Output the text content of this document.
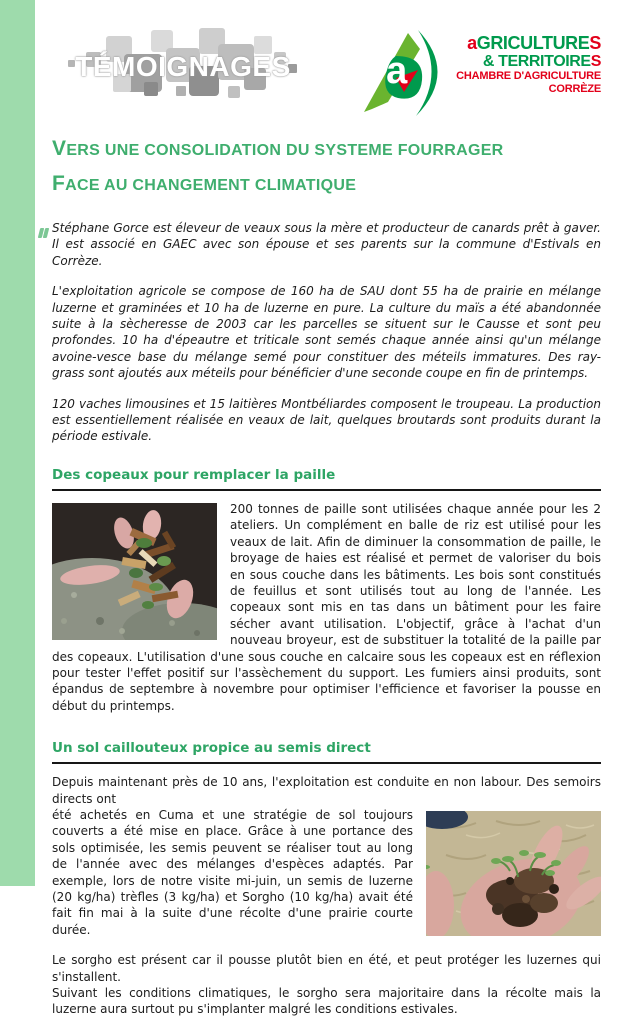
TÉMOIGNAGES	a
aGRICULTURES
& TERRITOIRES
CHAMBRE D'AGRICULTURE
CORRÈZE
VERS UNE CONSOLIDATION DU SYSTEME FOURRAGER
FACE AU CHANGEMENT CLIMATIQUE

Stéphane Gorce est éleveur de veaux sous la mère et producteur de canards prêt à gaver. Il est associé en GAEC avec son épouse et ses parents sur la commune d'Estivals en Corrèze.

L'exploitation agricole se compose de 160 ha de SAU dont 55 ha de prairie en mélange luzerne et graminées et 10 ha de luzerne en pure. La culture du maïs a été abandonnée suite à la sècheresse de 2003 car les parcelles se situent sur le Causse et sont peu profondes. 10 ha d'épeautre et triticale sont semés chaque année ainsi qu'un mélange avoine-vesce base du mélange semé pour constituer des méteils immatures. Des ray-grass sont ajoutés aux méteils pour bénéficier d'une seconde coupe en fin de printemps.

120 vaches limousines et 15 laitières Montbéliardes composent le troupeau. La production est essentiellement réalisée en veaux de lait, quelques broutards sont produits durant la période estivale.

Des copeaux pour remplacer la paille
200 tonnes de paille sont utilisées chaque année pour les 2 ateliers. Un complément en balle de riz est utilisé pour les veaux de lait. Afin de diminuer la consommation de paille, le broyage de haies est réalisé et permet de valoriser du bois en sous couche dans les bâtiments. Les bois sont constitués de feuillus et sont utilisés tout au long de l'année. Les copeaux sont mis en tas dans un bâtiment pour les faire sécher avant utilisation. L'objectif, grâce à l'achat d'un nouveau broyeur, est de substituer la totalité de la paille par des copeaux. L'utilisation d'une sous couche en calcaire sous les copeaux est en réflexion pour tester l'effet positif sur l'assèchement du support. Les fumiers ainsi produits, sont épandus de septembre à novembre pour optimiser l'efficience et favoriser la pousse en début du printemps.
Un sol caillouteux propice au semis direct
Depuis maintenant près de 10 ans, l'exploitation est conduite en non labour. Des semoirs directs ont
été achetés en Cuma et une stratégie de sol toujours couverts a été mise en place. Grâce à une portance des sols optimisée, les semis peuvent se réaliser tout au long de l'année avec des mélanges d'espèces adaptés. Par exemple, lors de notre visite mi-juin, un semis de luzerne (20 kg/ha) trèfles (3 kg/ha) et Sorgho (10 kg/ha) avait été fait fin mai à la suite d'une récolte d'une prairie courte durée.
Le sorgho est présent car il pousse plutôt bien en été, et peut protéger les luzernes qui s'installent.
Suivant les conditions climatiques, le sorgho sera majoritaire dans la récolte mais la luzerne aura surtout pu s'implanter malgré les conditions estivales.
